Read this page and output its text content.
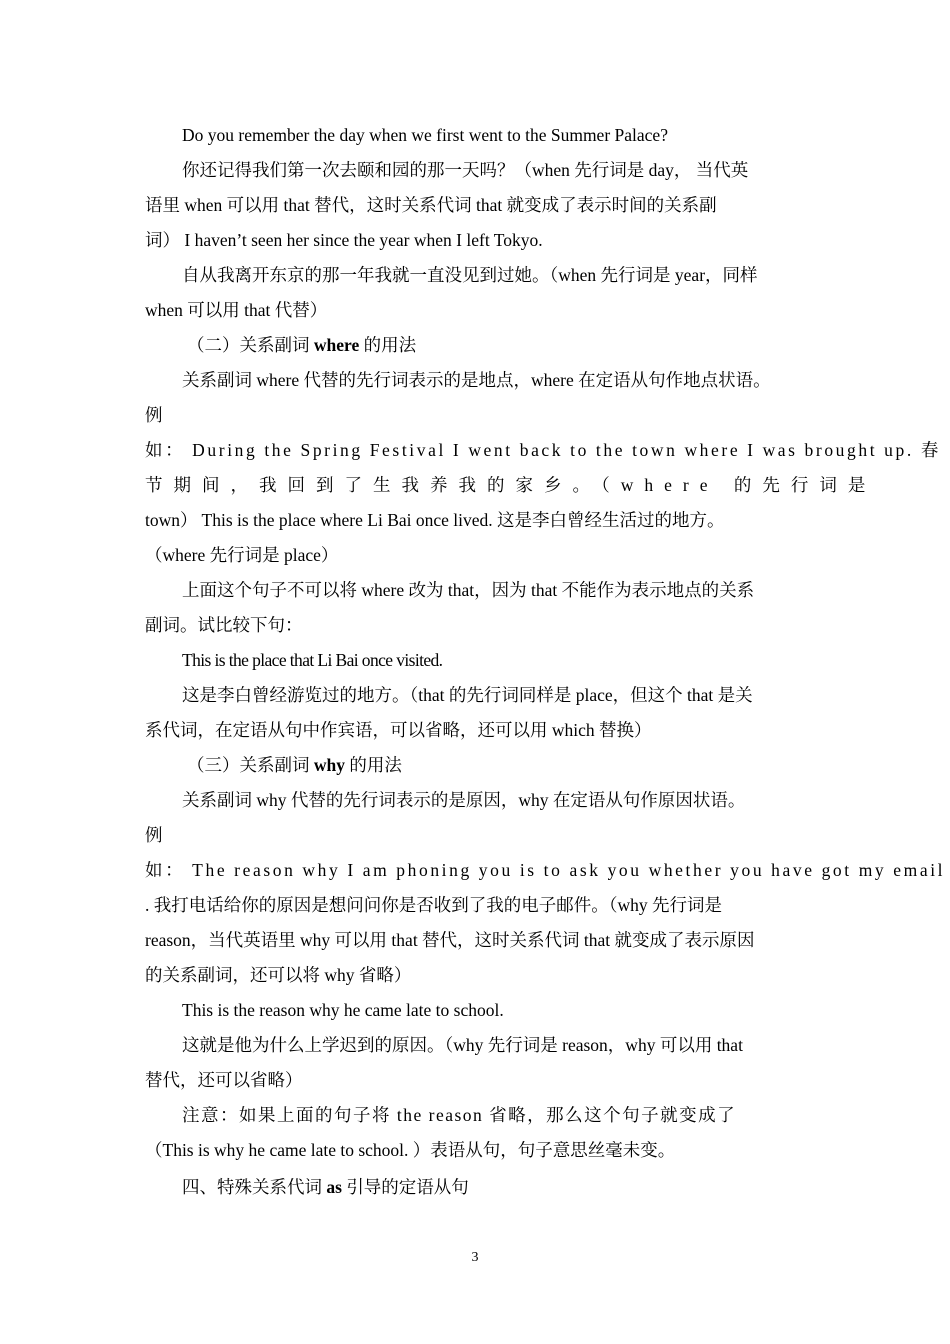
Do you remember the day when we first went to the Summer Palace?
你还记得我们第一次去颐和园的那一天吗？（when 先行词是 day， 当代英
语里 when 可以用 that 替代，这时关系代词 that 就变成了表示时间的关系副
词） I haven’t seen her since the year when I left Tokyo.
自从我离开东京的那一年我就一直没见到过她。（when 先行词是 year，同样
when 可以用 that 代替）
（二）关系副词 where 的用法
关系副词 where 代替的先行词表示的是地点，where 在定语从句作地点状语。
例
如： During the Spring Festival I went back to the town where I was brought up. 春
节期间，我回到了生我养我的家乡。（where 的先行词是
town） This is the place where Li Bai once lived. 这是李白曾经生活过的地方。
（where 先行词是 place）
上面这个句子不可以将 where 改为 that，因为 that 不能作为表示地点的关系
副词。试比较下句：
This is the place that Li Bai once visited.
这是李白曾经游览过的地方。（that 的先行词同样是 place，但这个 that 是关
系代词，在定语从句中作宾语，可以省略，还可以用 which 替换）
（三）关系副词 why 的用法
关系副词 why 代替的先行词表示的是原因，why 在定语从句作原因状语。
例
如： The reason why I am phoning you is to ask you whether you have got my email
. 我打电话给你的原因是想问问你是否收到了我的电子邮件。（why 先行词是
reason，当代英语里 why 可以用 that 替代，这时关系代词 that 就变成了表示原因
的关系副词，还可以将 why 省略）
This is the reason why he came late to school.
这就是他为什么上学迟到的原因。（why 先行词是 reason，why 可以用 that
替代，还可以省略）
注意：如果上面的句子将 the reason 省略，那么这个句子就变成了
（This is why he came late to school. ）表语从句，句子意思丝毫未变。
四、特殊关系代词 as 引导的定语从句
3
